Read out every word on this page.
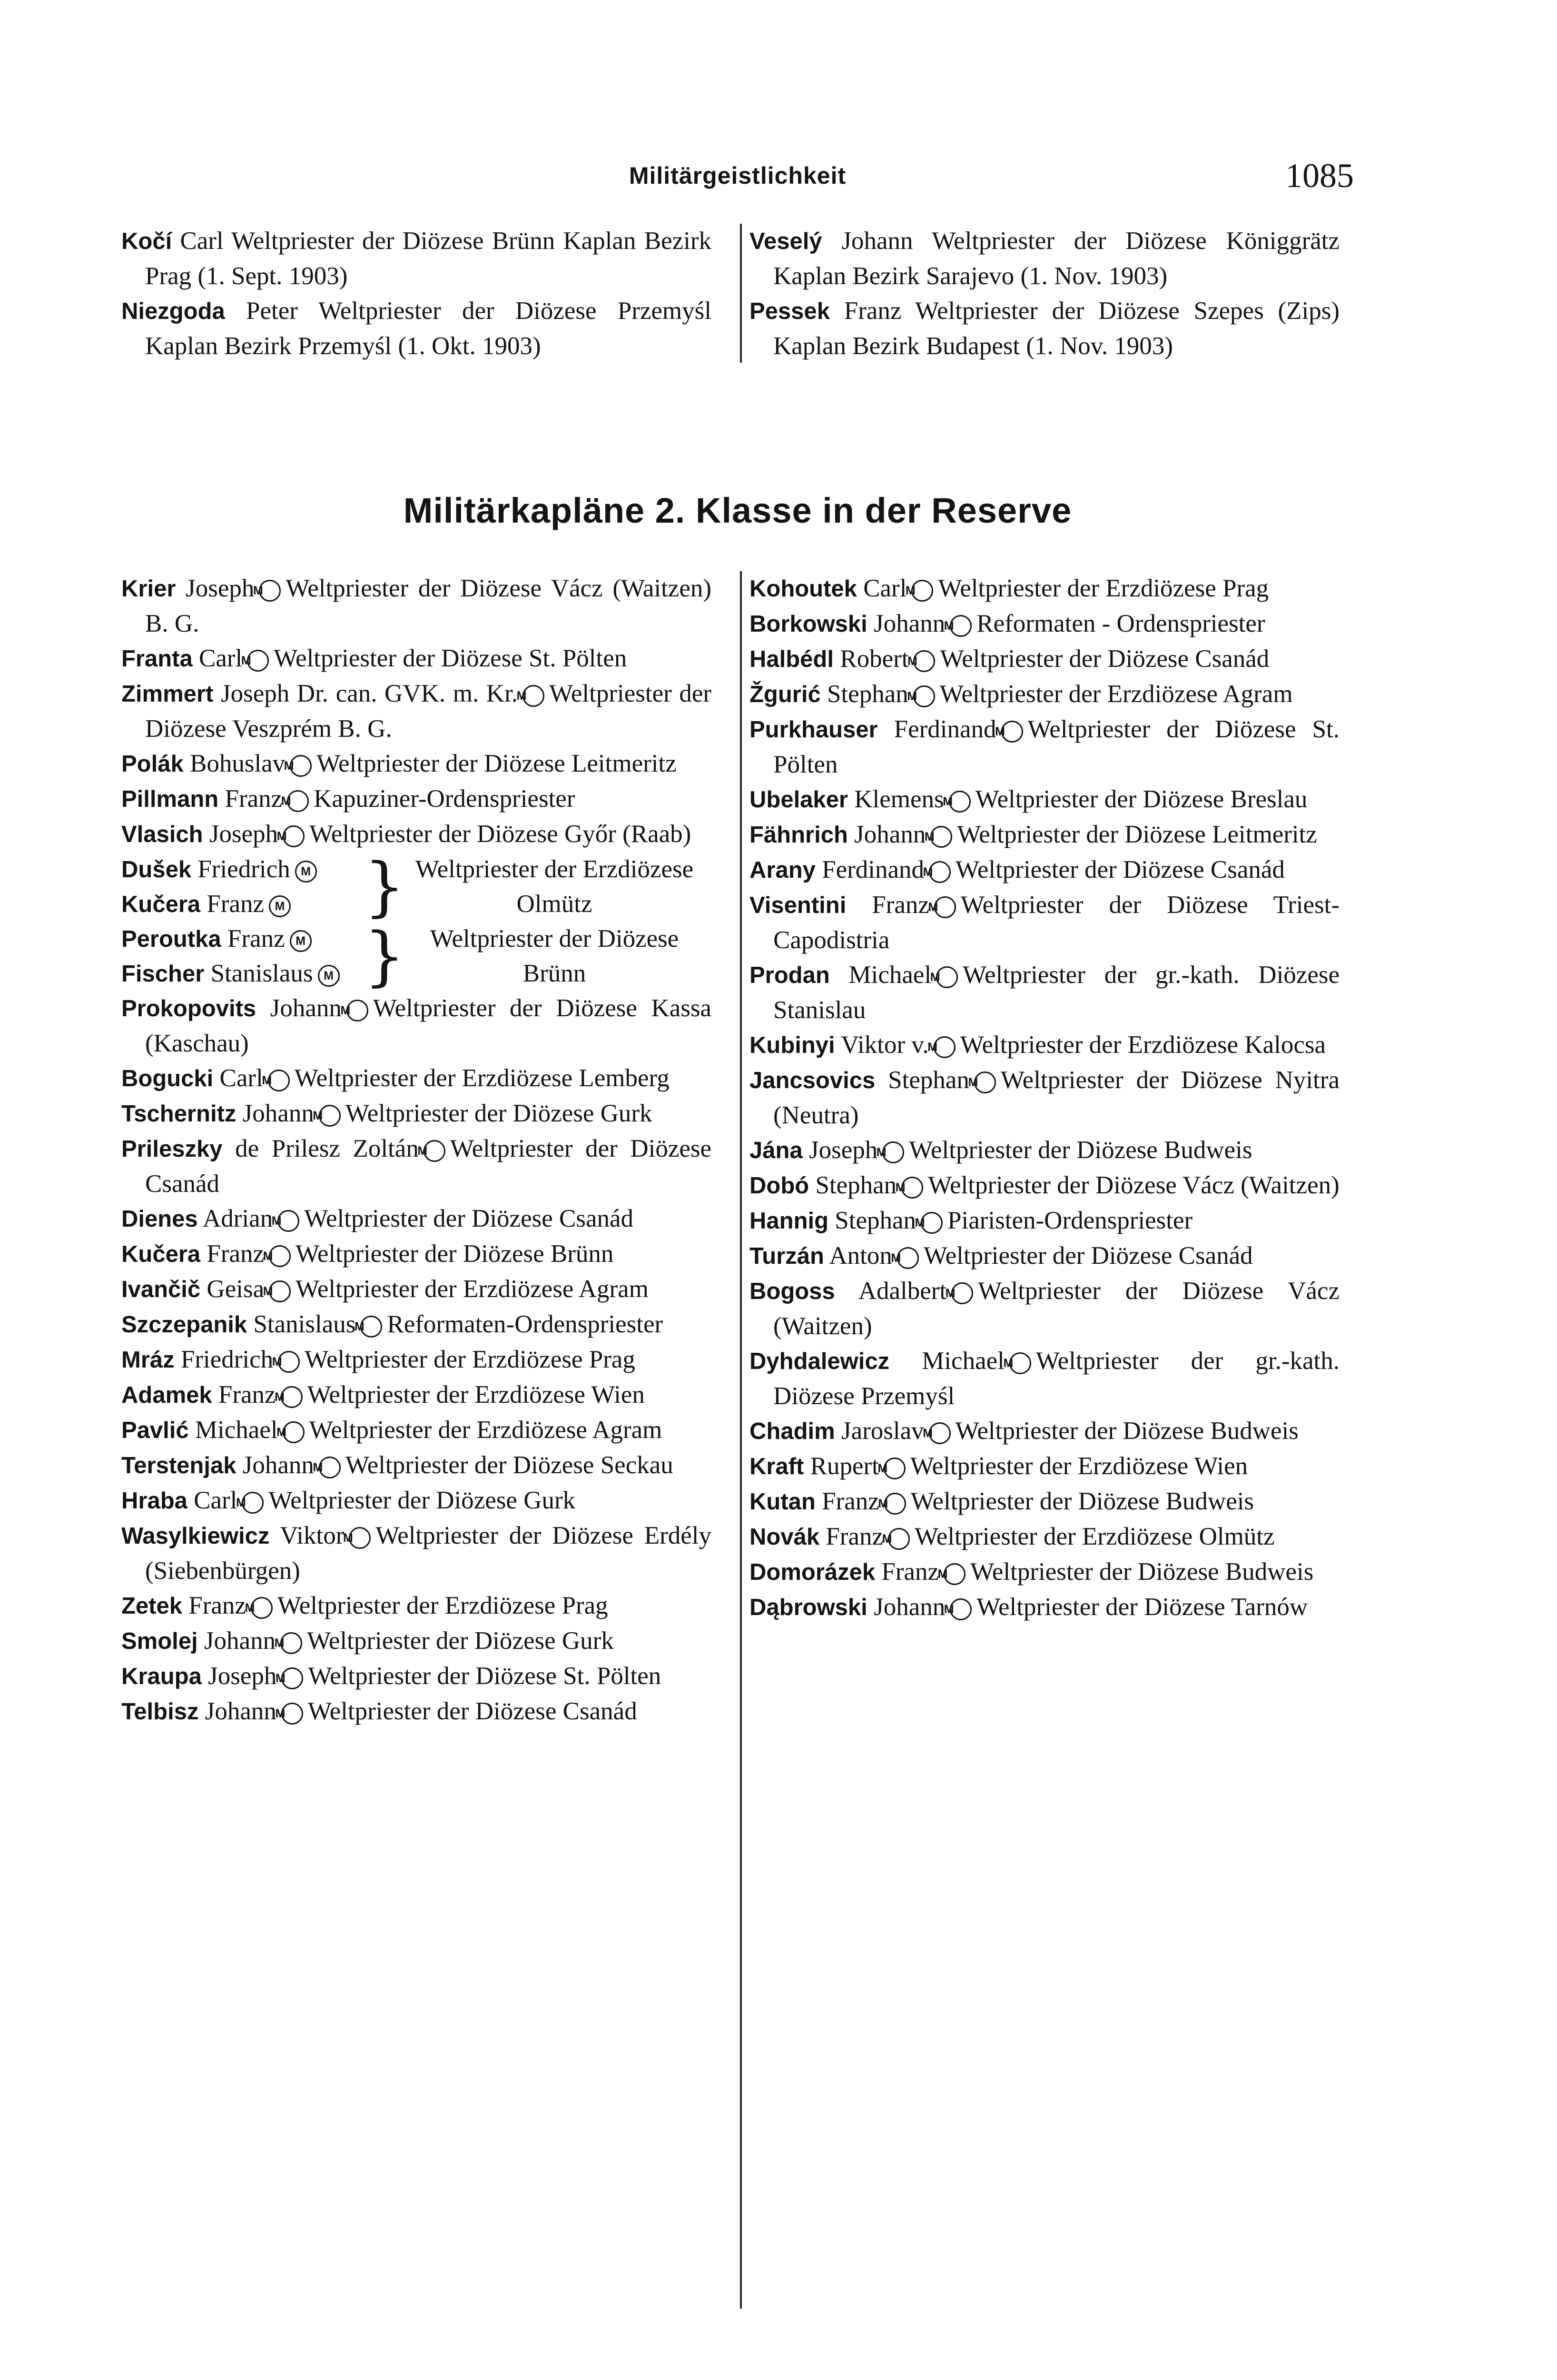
Militärgeistlichkeit	1085

Kočí Carl Weltpriester der Diözese Brünn Kaplan Bezirk Prag (1. Sept. 1903)

Niezgoda Peter Weltpriester der Diözese Przemyśl Kaplan Bezirk Przemyśl (1. Okt. 1903)

Veselý Johann Weltpriester der Diözese Königgrätz Kaplan Bezirk Sarajevo (1. Nov. 1903)

Pessek Franz Weltpriester der Diözese Szepes (Zips) Kaplan Bezirk Budapest (1. Nov. 1903)

Militärkapläne 2. Klasse in der Reserve

Krier JosephM Weltpriester der Diözese Vácz (Waitzen) B. G.

Franta CarlM Weltpriester der Diözese St. Pölten

Zimmert Joseph Dr. can. GVK. m. Kr.M Weltpriester der Diözese Veszprém B. G.

Polák BohuslavM Weltpriester der Diözese Leitmeritz

Pillmann FranzM Kapuziner-Ordenspriester

Vlasich JosephM Weltpriester der Diözese Győr (Raab)

Dušek Friedrich M
Kučera Franz M } Weltpriester der Erzdiözese Olmütz
Peroutka Franz M
Fischer Stanislaus M } Weltpriester der Diözese Brünn

Prokopovits JohannM Weltpriester der Diözese Kassa (Kaschau)

Bogucki CarlM Weltpriester der Erzdiözese Lemberg

Tschernitz JohannM Weltpriester der Diözese Gurk

Prileszky de Prilesz ZoltánM Weltpriester der Diözese Csanád

Dienes AdrianM Weltpriester der Diözese Csanád

Kučera FranzM Weltpriester der Diözese Brünn

Ivančič GeisaM Weltpriester der Erzdiözese Agram

Szczepanik StanislausM Reformaten-Ordenspriester

Mráz FriedrichM Weltpriester der Erzdiözese Prag

Adamek FranzM Weltpriester der Erzdiözese Wien

Pavlić MichaelM Weltpriester der Erzdiözese Agram

Terstenjak JohannM Weltpriester der Diözese Seckau

Hraba CarlM Weltpriester der Diözese Gurk

Wasylkiewicz ViktorM Weltpriester der Diözese Erdély (Siebenbürgen)

Zetek FranzM Weltpriester der Erzdiözese Prag

Smolej JohannM Weltpriester der Diözese Gurk

Kraupa JosephM Weltpriester der Diözese St. Pölten

Telbisz JohannM Weltpriester der Diözese Csanád

Kohoutek CarlM Weltpriester der Erzdiözese Prag

Borkowski JohannM Reformaten - Ordenspriester

Halbédl RobertM Weltpriester der Diözese Csanád

Žgurić StephanM Weltpriester der Erzdiözese Agram

Purkhauser FerdinandM Weltpriester der Diözese St. Pölten

Ubelaker KlemensM Weltpriester der Diözese Breslau

Fähnrich JohannM Weltpriester der Diözese Leitmeritz

Arany FerdinandM Weltpriester der Diözese Csanád

Visentini FranzM Weltpriester der Diözese Triest-Capodistria

Prodan MichaelM Weltpriester der gr.-kath. Diözese Stanislau

Kubinyi Viktor v.M Weltpriester der Erzdiözese Kalocsa

Jancsovics StephanM Weltpriester der Diözese Nyitra (Neutra)

Jána JosephM Weltpriester der Diözese Budweis

Dobó StephanM Weltpriester der Diözese Vácz (Waitzen)

Hannig StephanM Piaristen-Ordenspriester

Turzán AntonM Weltpriester der Diözese Csanád

Bogoss AdalbertM Weltpriester der Diözese Vácz (Waitzen)

Dyhdalewicz MichaelM Weltpriester der gr.-kath. Diözese Przemyśl

Chadim JaroslavM Weltpriester der Diözese Budweis

Kraft RupertM Weltpriester der Erzdiözese Wien

Kutan FranzM Weltpriester der Diözese Budweis

Novák FranzM Weltpriester der Erzdiözese Olmütz

Domorázek FranzM Weltpriester der Diözese Budweis

Dąbrowski JohannM Weltpriester der Diözese Tarnów
